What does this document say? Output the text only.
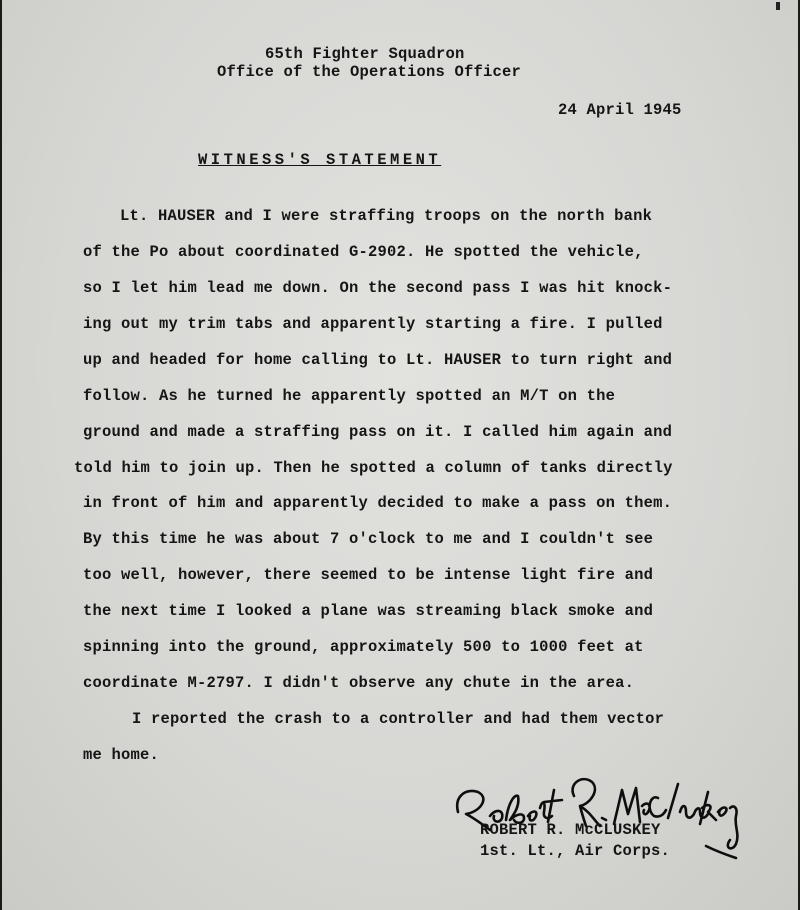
65th Fighter Squadron
Office of the Operations Officer
24 April 1945
WITNESS'S STATEMENT
Lt. HAUSER and I were straffing troops on the north bank
of the Po about coordinated G-2902. He spotted the vehicle,
so I let him lead me down. On the second pass I was hit knock-
ing out my trim tabs and apparently starting a fire. I pulled
up and headed for home calling to Lt. HAUSER to turn right and
follow. As he turned he apparently spotted an M/T on the
ground and made a straffing pass on it. I called him again and
told him to join up. Then he spotted a column of tanks directly
in front of him and apparently decided to make a pass on them.
By this time he was about 7 o'clock to me and I couldn't see
too well, however, there seemed to be intense light fire and
the next time I looked a plane was streaming black smoke and
spinning into the ground, approximately 500 to 1000 feet at
coordinate M-2797. I didn't observe any chute in the area.
I reported the crash to a controller and had them vector
me home.
ROBERT R. McCLUSKEY
1st. Lt., Air Corps.
